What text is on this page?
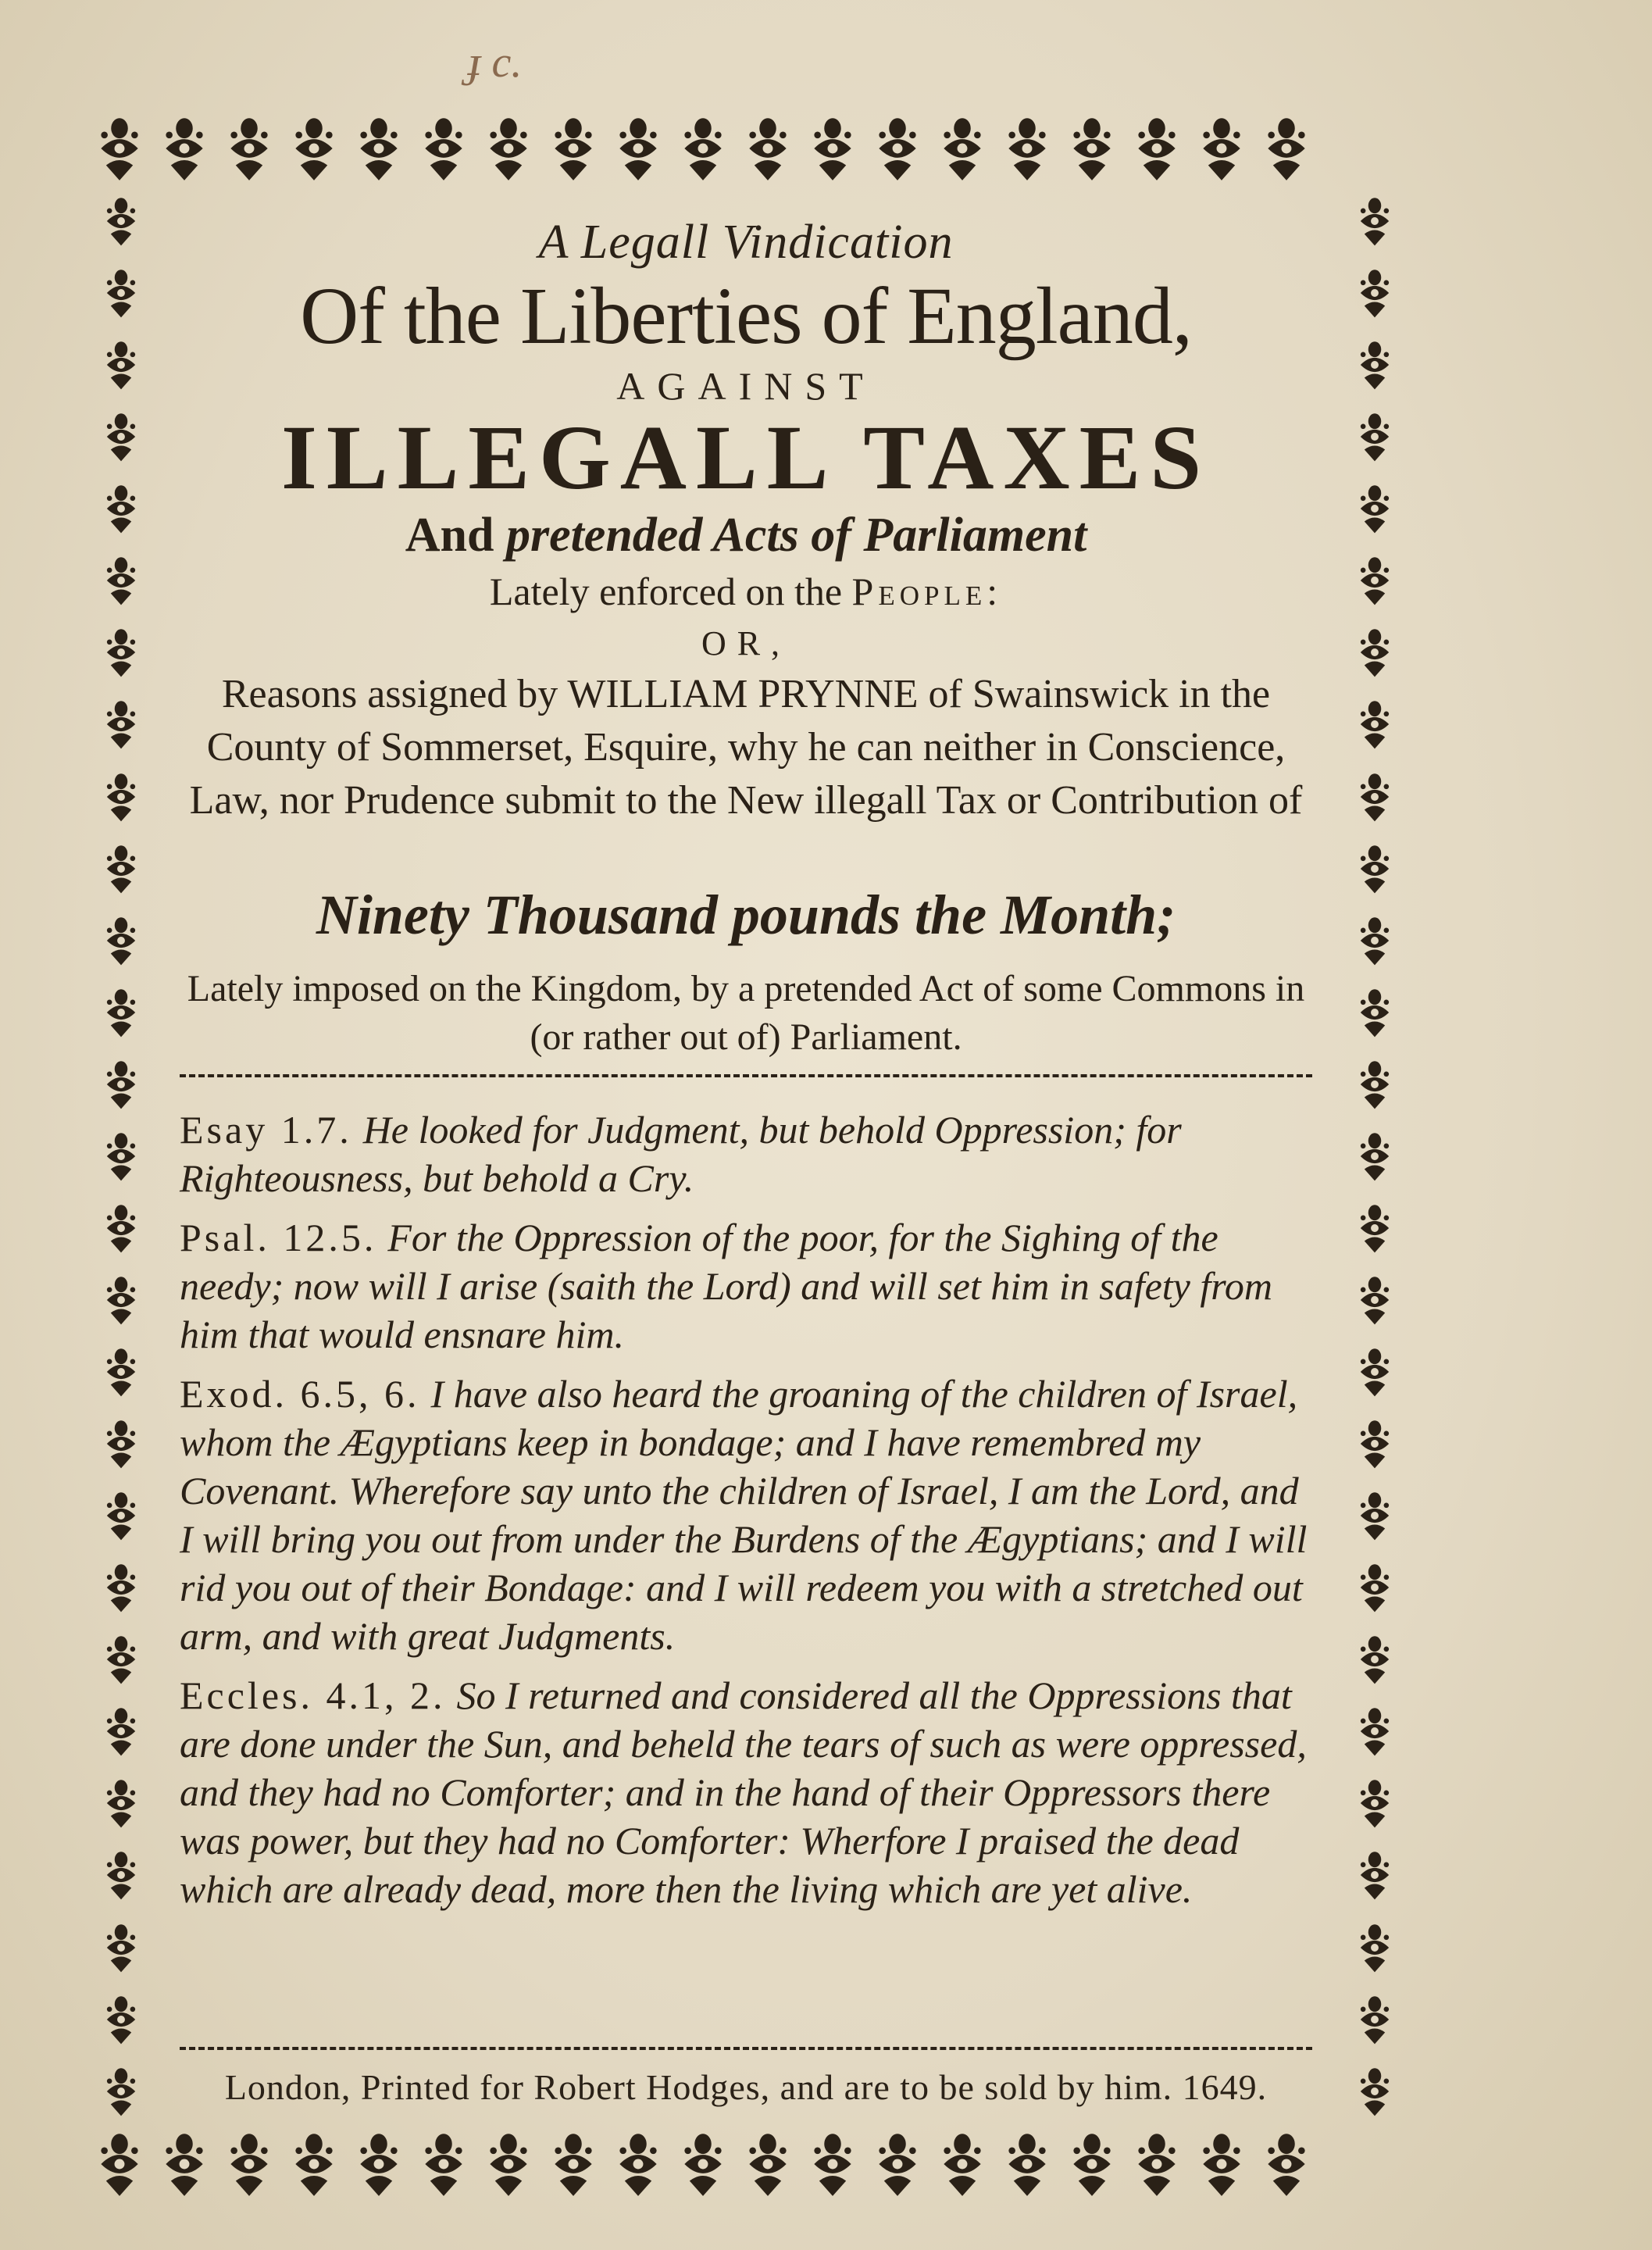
ɟ c.
A Legall Vindication
Of the Liberties of England,
AGAINST
ILLEGALL TAXES
And pretended Acts of Parliament
Lately enforced on the People:
OR,
Reasons assigned by WILLIAM PRYNNE of Swainswick in the County of Sommerset, Esquire, why he can neither in Conscience, Law, nor Prudence submit to the New illegall Tax or Contribution of
Ninety Thousand pounds the Month;
Lately imposed on the Kingdom, by a pretended Act of some Commons in (or rather out of) Parliament.
Esay 1.7. He looked for Judgment, but behold Oppression; for Righteousness, but behold a Cry.
Psal. 12.5. For the Oppression of the poor, for the Sighing of the needy; now will I arise (saith the Lord) and will set him in safety from him that would ensnare him.
Exod. 6.5, 6. I have also heard the groaning of the children of Israel, whom the Ægyptians keep in bondage; and I have remembred my Covenant. Wherefore say unto the children of Israel, I am the Lord, and I will bring you out from under the Burdens of the Ægyptians; and I will rid you out of their Bondage: and I will redeem you with a stretched out arm, and with great Judgments.
Eccles. 4.1, 2. So I returned and considered all the Oppressions that are done under the Sun, and beheld the tears of such as were oppressed, and they had no Comforter; and in the hand of their Oppressors there was power, but they had no Comforter: Wherfore I praised the dead which are already dead, more then the living which are yet alive.
London, Printed for Robert Hodges, and are to be sold by him. 1649.
